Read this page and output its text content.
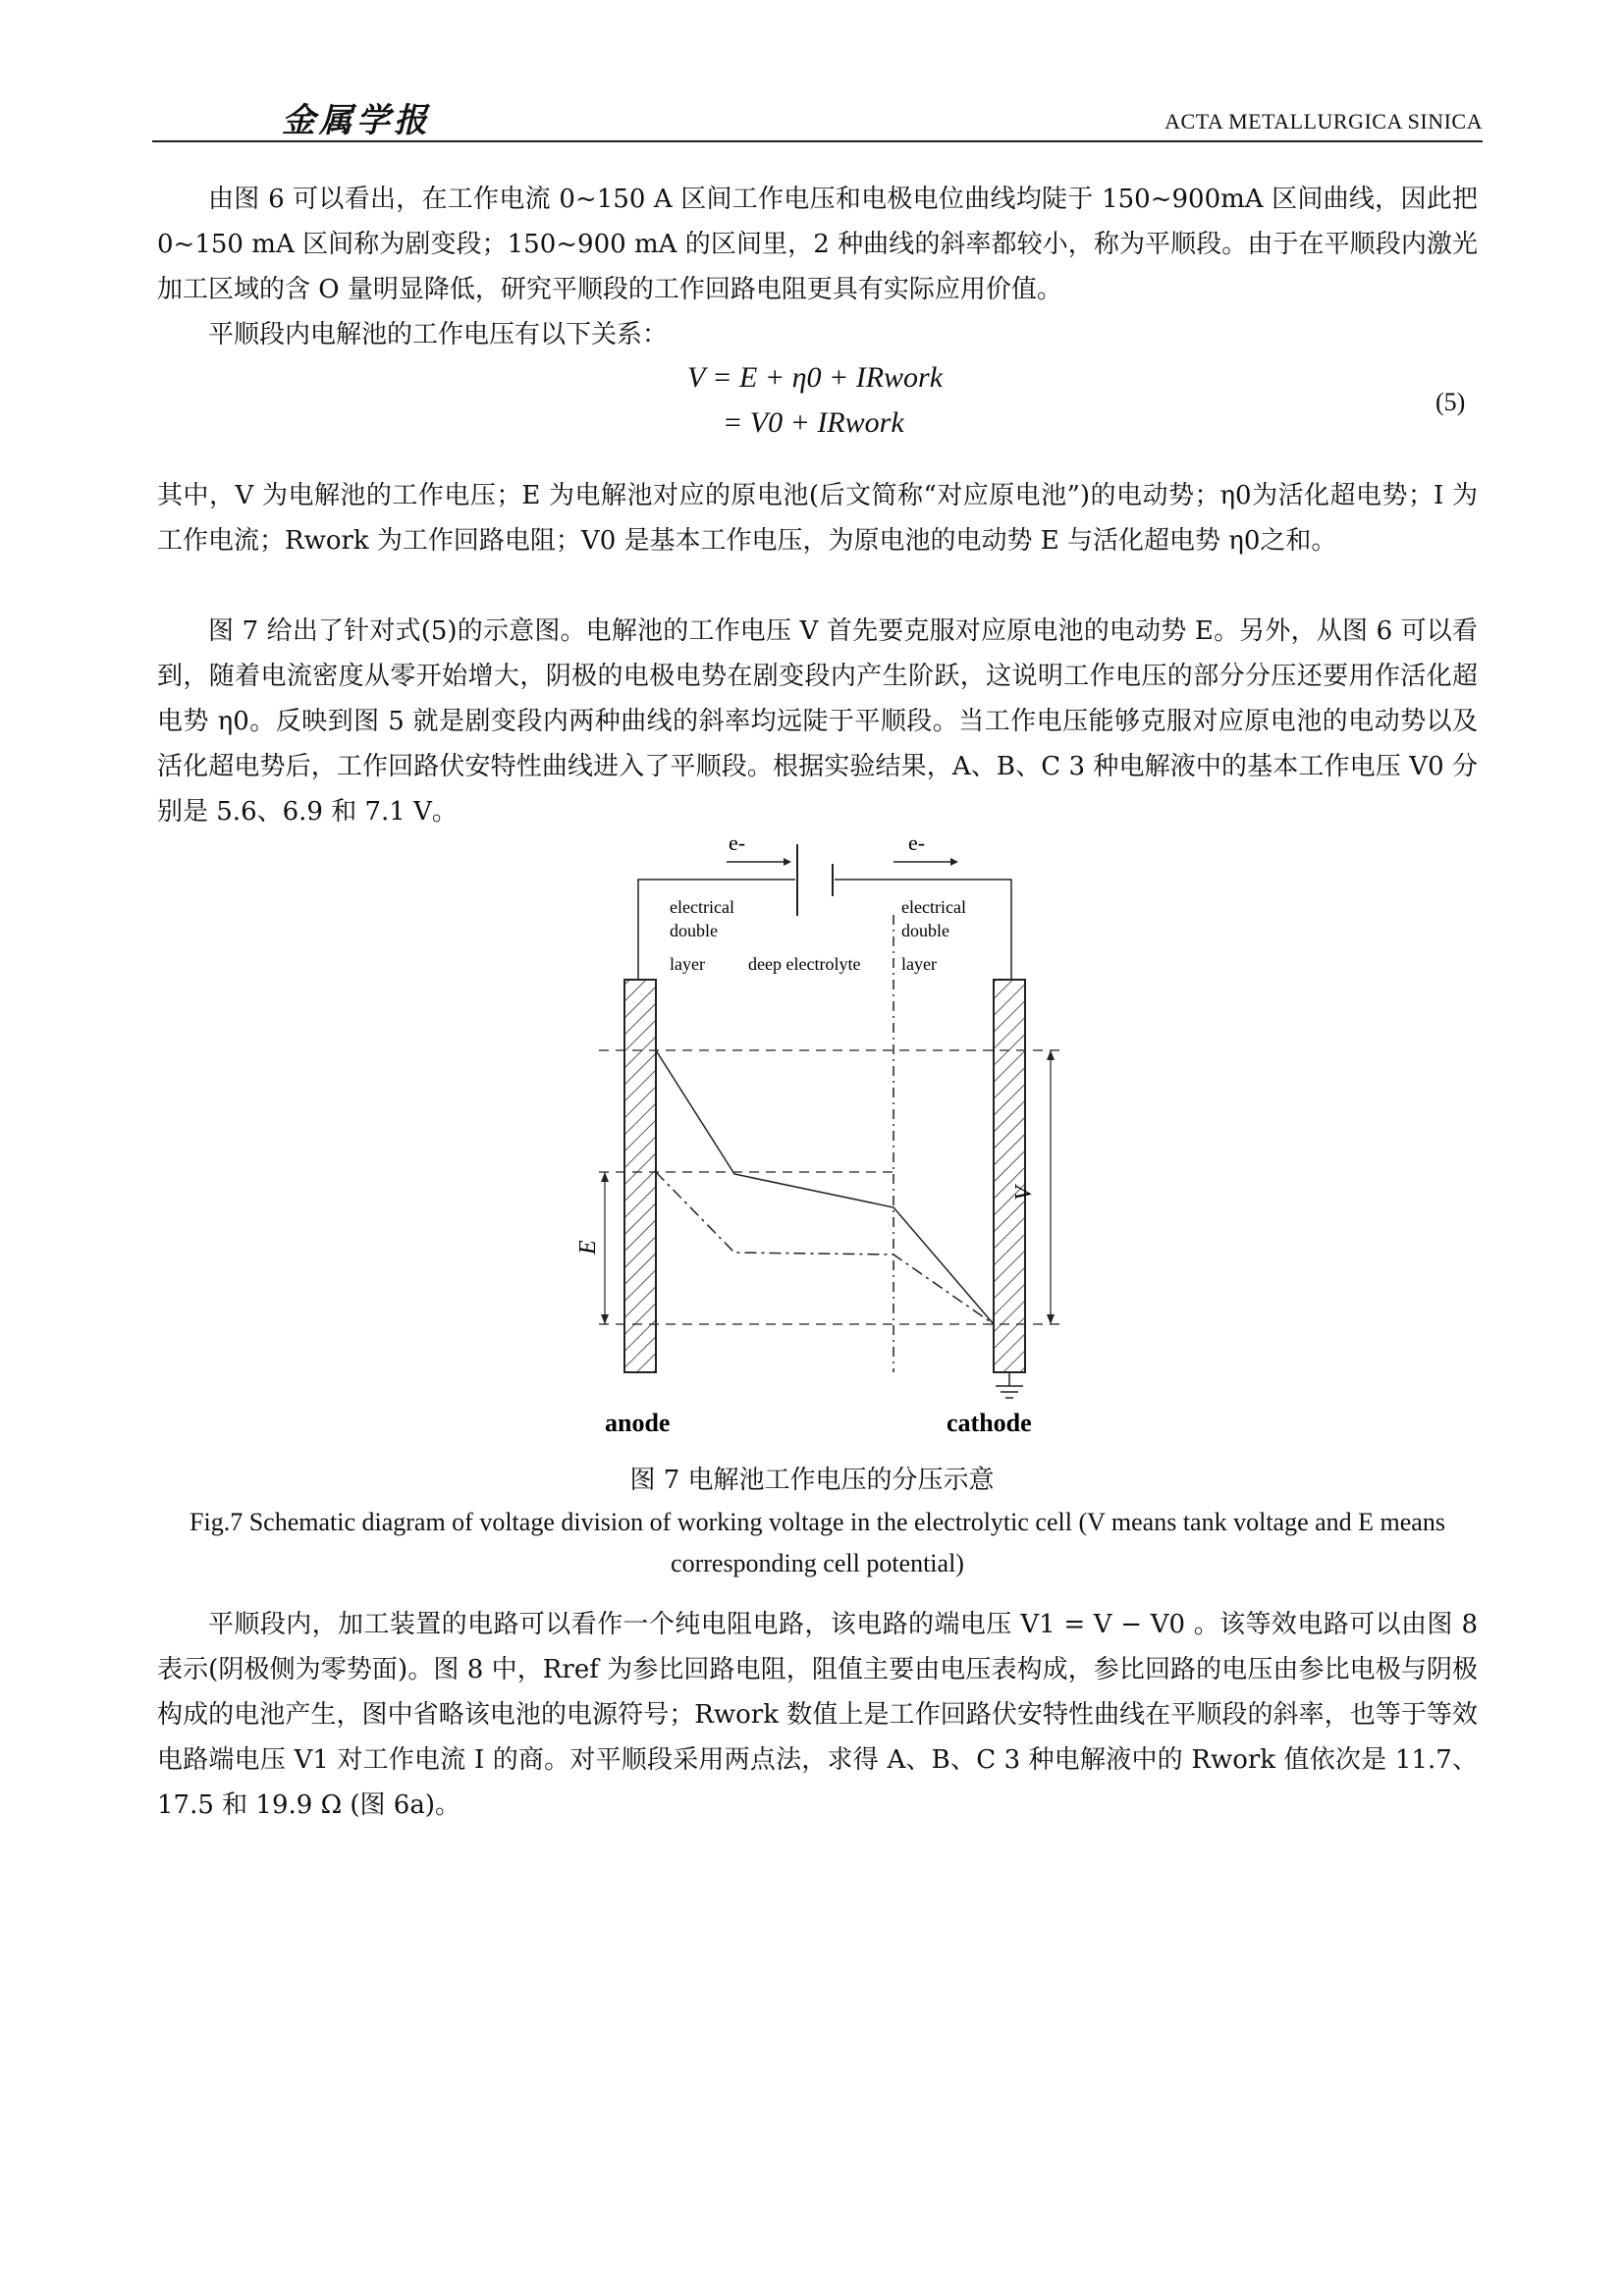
金属学报	ACTA METALLURGICA SINICA

由图 6 可以看出，在工作电流 0~150 A 区间工作电压和电极电位曲线均陡于 150~900mA 区间曲线，因此把 0~150 mA 区间称为剧变段；150~900 mA 的区间里，2 种曲线的斜率都较小，称为平顺段。由于在平顺段内激光加工区域的含 O 量明显降低，研究平顺段的工作回路电阻更具有实际应用价值。

平顺段内电解池的工作电压有以下关系：

V = E + η0 + IRwork
= V0 + IRwork
(5)

其中，V 为电解池的工作电压；E 为电解池对应的原电池(后文简称“对应原电池”)的电动势；η0为活化超电势；I 为工作电流；Rwork 为工作回路电阻；V0 是基本工作电压，为原电池的电动势 E 与活化超电势 η0之和。

图 7 给出了针对式(5)的示意图。电解池的工作电压 V 首先要克服对应原电池的电动势 E。另外，从图 6 可以看到，随着电流密度从零开始增大，阴极的电极电势在剧变段内产生阶跃，这说明工作电压的部分分压还要用作活化超电势 η0。反映到图 5 就是剧变段内两种曲线的斜率均远陡于平顺段。当工作电压能够克服对应原电池的电动势以及活化超电势后，工作回路伏安特性曲线进入了平顺段。根据实验结果，A、B、C 3 种电解液中的基本工作电压 V0 分别是 5.6、6.9 和 7.1 V。

e-	e-
electrical
double
layer deep electrolyte
electrical
double
layer
V
E
anode	cathode
图 7 电解池工作电压的分压示意
Fig.7 Schematic diagram of voltage division of working voltage in the electrolytic cell (V means tank voltage and E means corresponding cell potential)

平顺段内，加工装置的电路可以看作一个纯电阻电路，该电路的端电压 V1 = V − V0 。该等效电路可以由图 8 表示(阴极侧为零势面)。图 8 中，Rref 为参比回路电阻，阻值主要由电压表构成，参比回路的电压由参比电极与阴极构成的电池产生，图中省略该电池的电源符号；Rwork 数值上是工作回路伏安特性曲线在平顺段的斜率，也等于等效电路端电压 V1 对工作电流 I 的商。对平顺段采用两点法，求得 A、B、C 3 种电解液中的 Rwork 值依次是 11.7、17.5 和 19.9 Ω (图 6a)。
